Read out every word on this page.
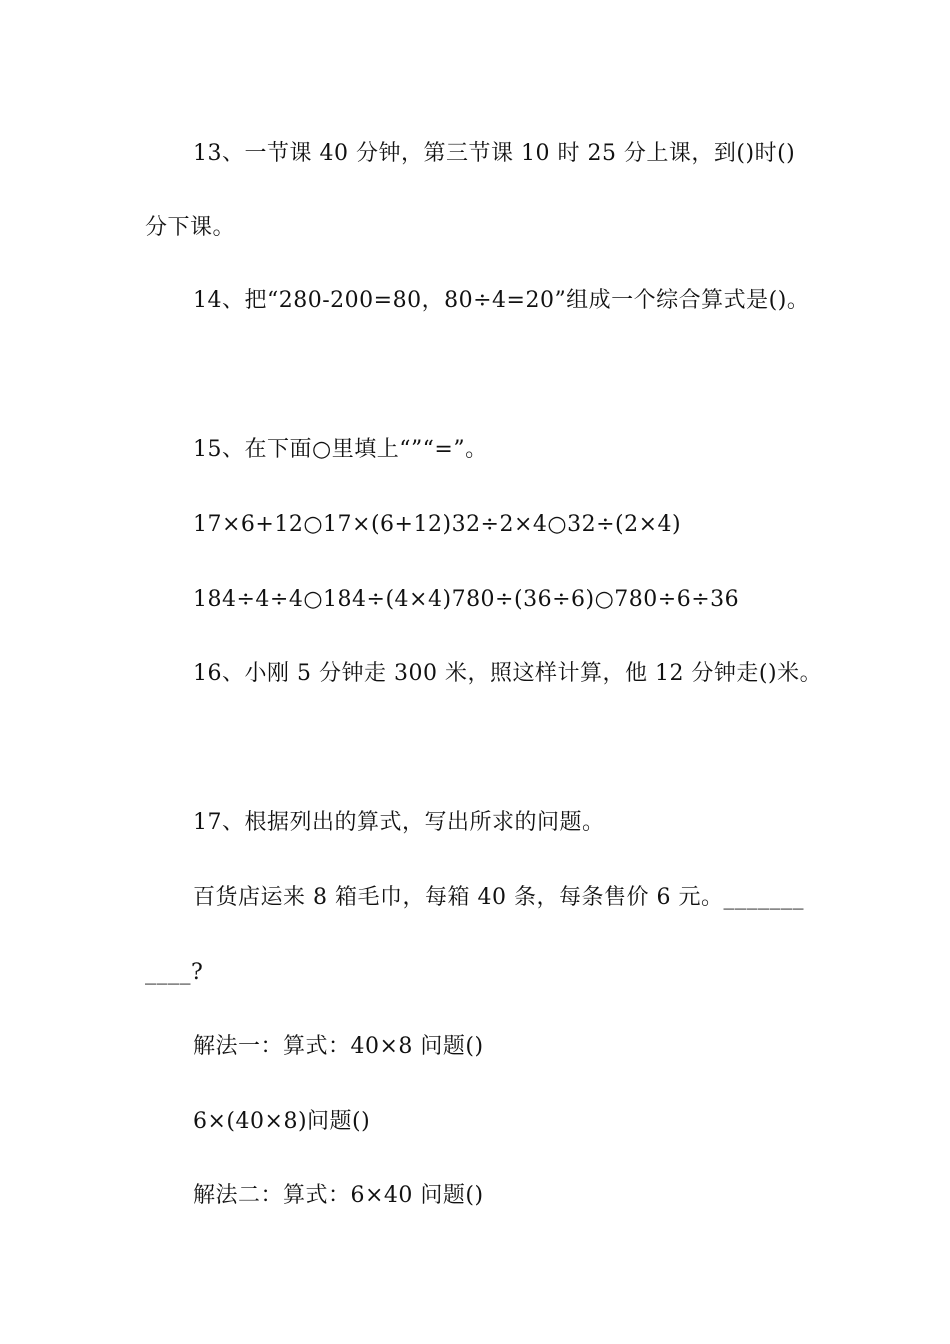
13、一节课 40 分钟，第三节课 10 时 25 分上课，到()时()
分下课。
14、把“280-200=80，80÷4=20”组成一个综合算式是()。
15、在下面○里填上“”“=”。
17×6+12○17×(6+12)32÷2×4○32÷(2×4)
184÷4÷4○184÷(4×4)780÷(36÷6)○780÷6÷36
16、小刚 5 分钟走 300 米，照这样计算，他 12 分钟走()米。
17、根据列出的算式，写出所求的问题。
百货店运来 8 箱毛巾，每箱 40 条，每条售价 6 元。_______
____?
解法一：算式：40×8 问题()
6×(40×8)问题()
解法二：算式：6×40 问题()
